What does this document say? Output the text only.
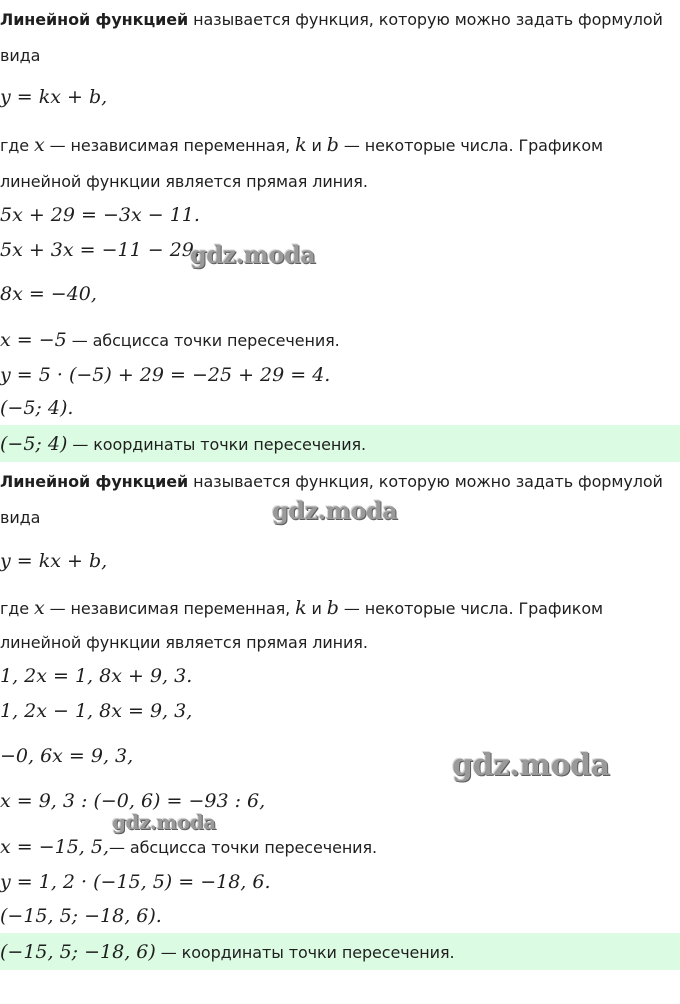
Линейной функцией называется функция, которую можно задать формулой
вида
y = kx + b,
где x — независимая переменная, k и b — некоторые числа. Графиком
линейной функции является прямая линия.
5x + 29 = −3x − 11.
5x + 3x = −11 − 29,
8x = −40,
x = −5 — абсцисса точки пересечения.
y = 5 · (−5) + 29 = −25 + 29 = 4.
(−5; 4).
(−5; 4) — координаты точки пересечения.
Линейной функцией называется функция, которую можно задать формулой
вида
y = kx + b,
где x — независимая переменная, k и b — некоторые числа. Графиком
линейной функции является прямая линия.
1, 2x = 1, 8x + 9, 3.
1, 2x − 1, 8x = 9, 3,
−0, 6x = 9, 3,
x = 9, 3 : (−0, 6) = −93 : 6,
x = −15, 5,— абсцисса точки пересечения.
y = 1, 2 · (−15, 5) = −18, 6.
(−15, 5; −18, 6).
(−15, 5; −18, 6) — координаты точки пересечения.
gdz.moda
gdz.moda
gdz.moda
gdz.moda
